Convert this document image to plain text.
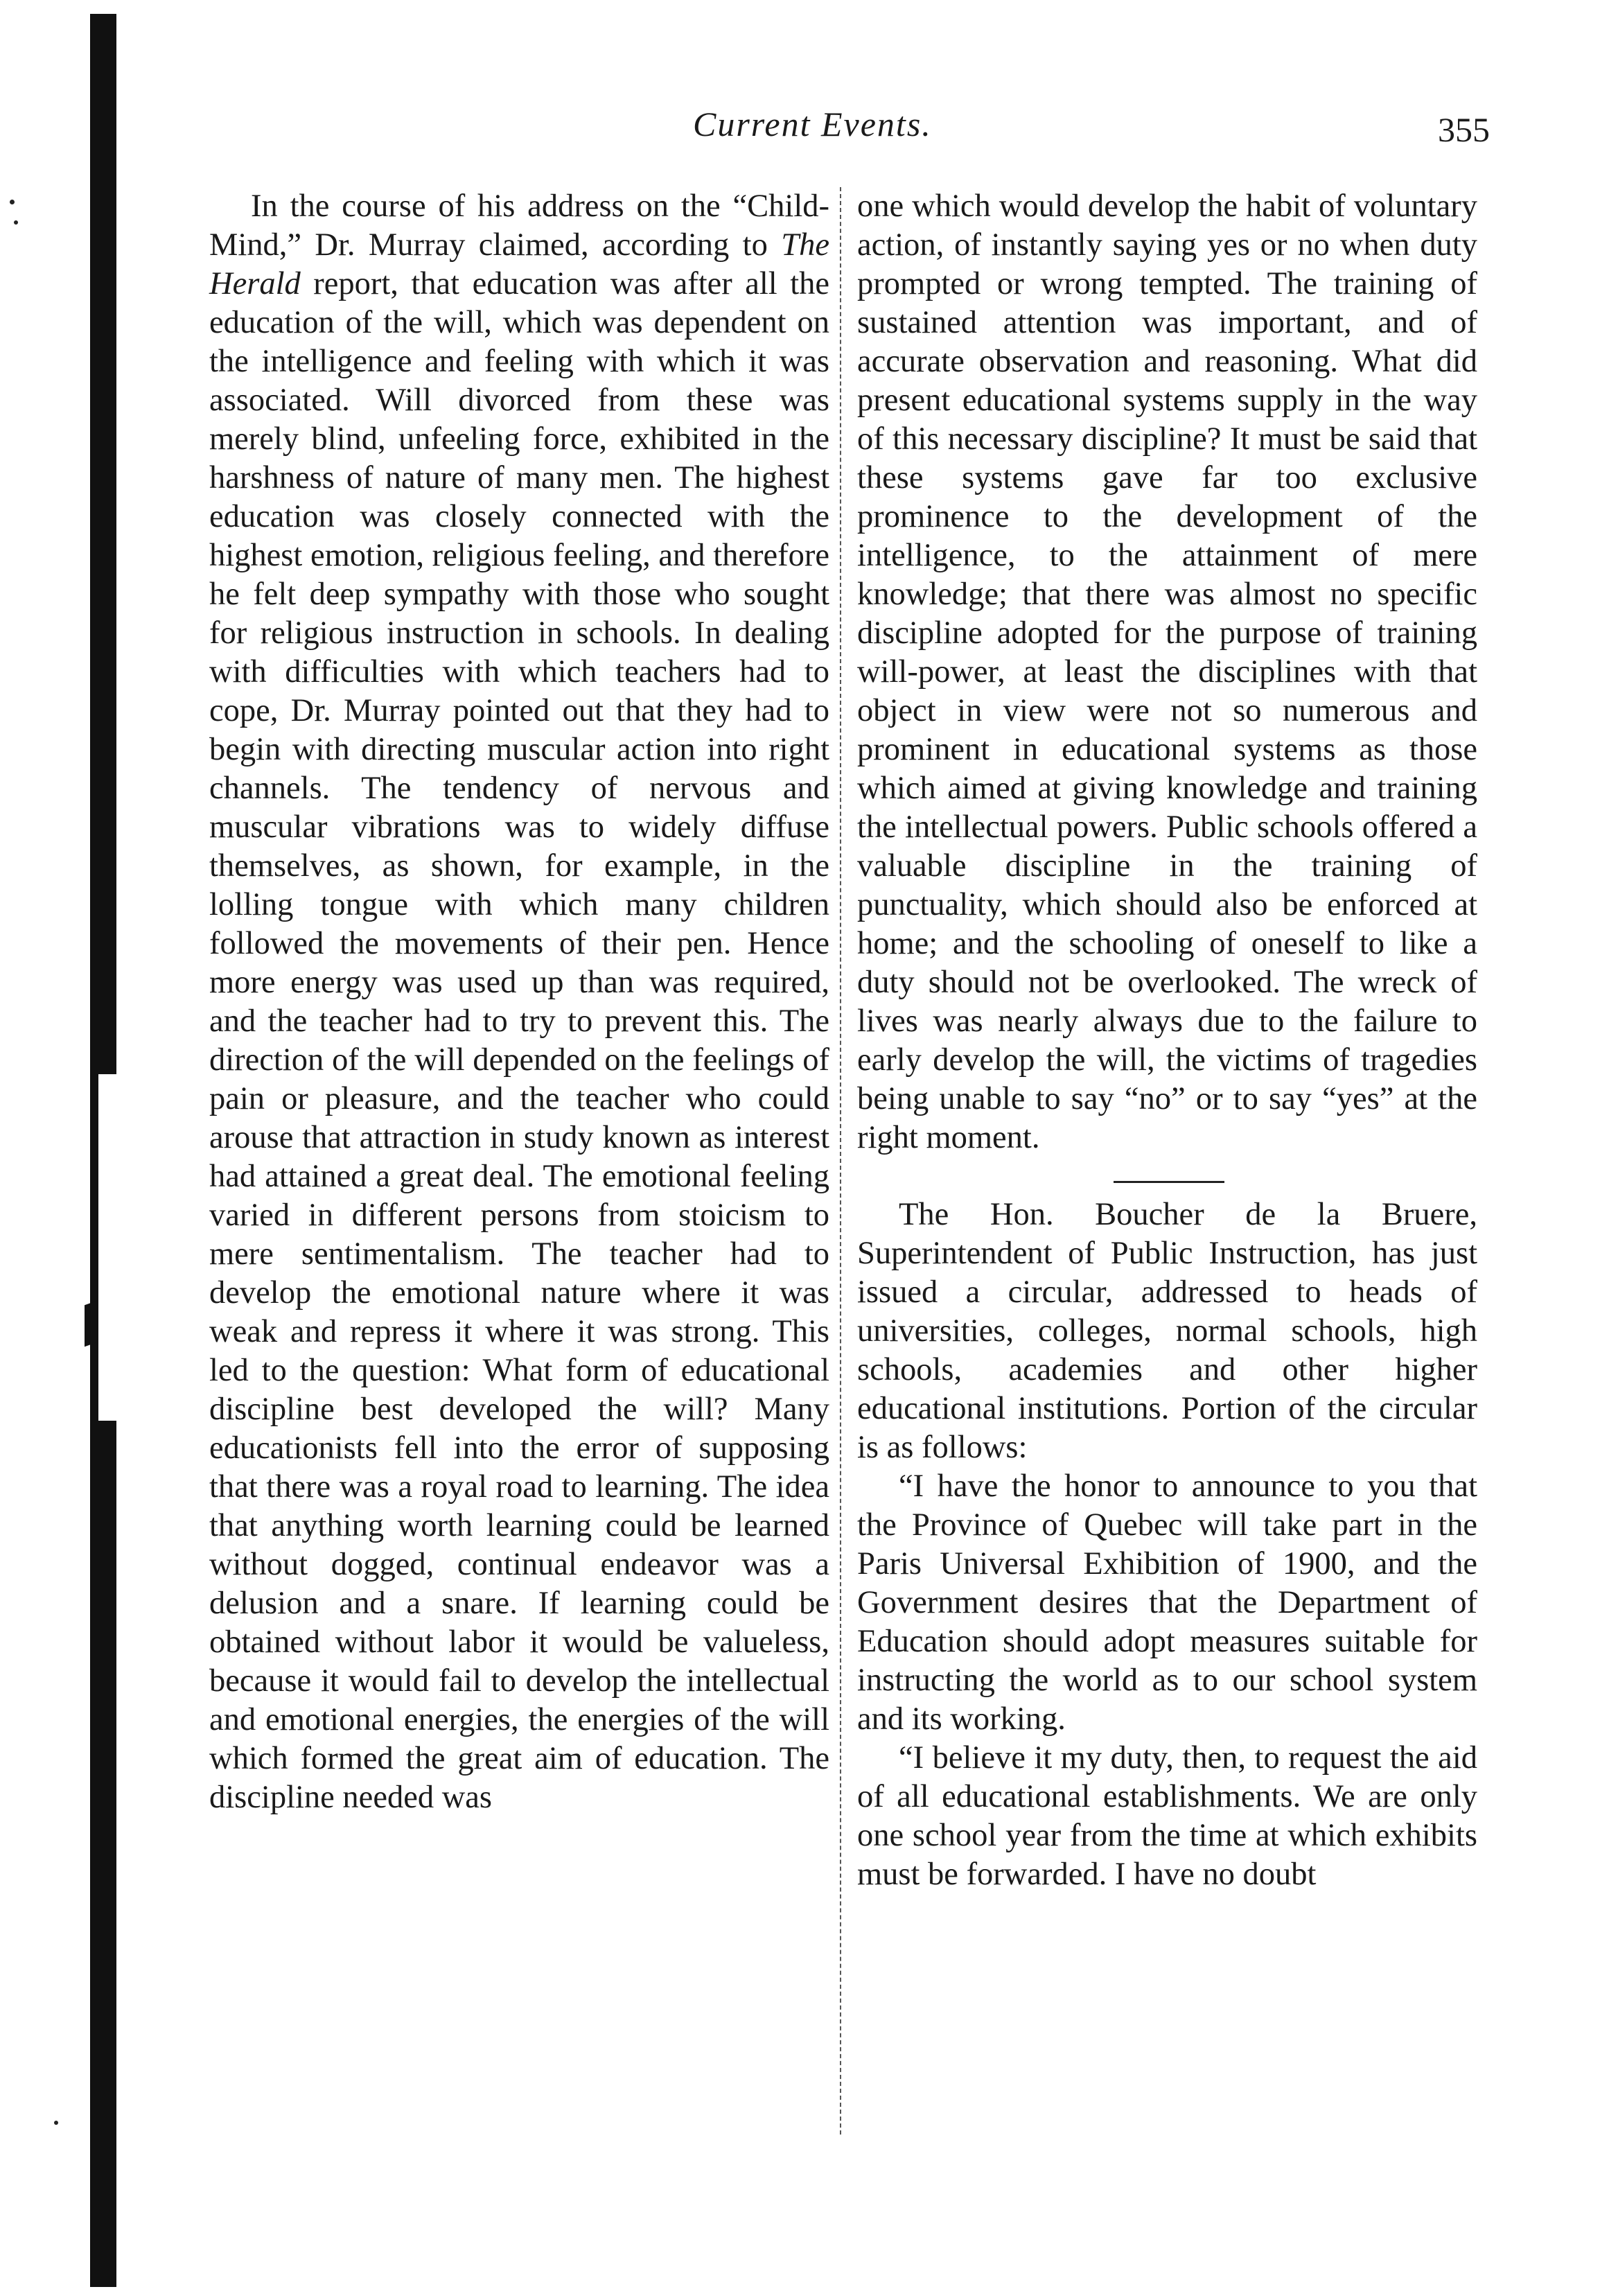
Current Events.	355

In the course of his address on the “Child-Mind,” Dr. Murray claimed, according to The Herald report, that education was after all the education of the will, which was dependent on the intelligence and feeling with which it was associated. Will divorced from these was merely blind, unfeeling force, exhibited in the harshness of nature of many men. The highest education was closely connected with the highest emotion, religious feeling, and therefore he felt deep sympathy with those who sought for religious instruction in schools. In dealing with difficulties with which teachers had to cope, Dr. Murray pointed out that they had to begin with directing muscular action into right channels. The tendency of nervous and muscular vibrations was to widely diffuse themselves, as shown, for example, in the lolling tongue with which many children followed the movements of their pen. Hence more energy was used up than was required, and the teacher had to try to prevent this. The direction of the will depended on the feelings of pain or pleasure, and the teacher who could arouse that attraction in study known as interest had attained a great deal. The emotional feeling varied in different persons from stoicism to mere sentimentalism. The teacher had to develop the emotional nature where it was weak and repress it where it was strong. This led to the question: What form of educational discipline best developed the will? Many educationists fell into the error of supposing that there was a royal road to learning. The idea that anything worth learning could be learned without dogged, continual endeavor was a delusion and a snare. If learning could be obtained without labor it would be valueless, because it would fail to develop the intellectual and emotional energies, the energies of the will which formed the great aim of education. The discipline needed was

one which would develop the habit of voluntary action, of instantly saying yes or no when duty prompted or wrong tempted. The training of sustained attention was important, and of accurate observation and reasoning. What did present educational systems supply in the way of this necessary discipline? It must be said that these systems gave far too exclusive prominence to the development of the intelligence, to the attainment of mere knowledge; that there was almost no specific discipline adopted for the purpose of training will-power, at least the disciplines with that object in view were not so numerous and prominent in educational systems as those which aimed at giving knowledge and training the intellectual powers. Public schools offered a valuable discipline in the training of punctuality, which should also be enforced at home; and the schooling of oneself to like a duty should not be overlooked. The wreck of lives was nearly always due to the failure to early develop the will, the victims of tragedies being unable to say “no” or to say “yes” at the right moment.

The Hon. Boucher de la Bruere, Superintendent of Public Instruction, has just issued a circular, addressed to heads of universities, colleges, normal schools, high schools, academies and other higher educational institutions. Portion of the circular is as follows:

“I have the honor to announce to you that the Province of Quebec will take part in the Paris Universal Exhibition of 1900, and the Government desires that the Department of Education should adopt measures suitable for instructing the world as to our school system and its working.

“I believe it my duty, then, to request the aid of all educational establishments. We are only one school year from the time at which exhibits must be forwarded. I have no doubt
